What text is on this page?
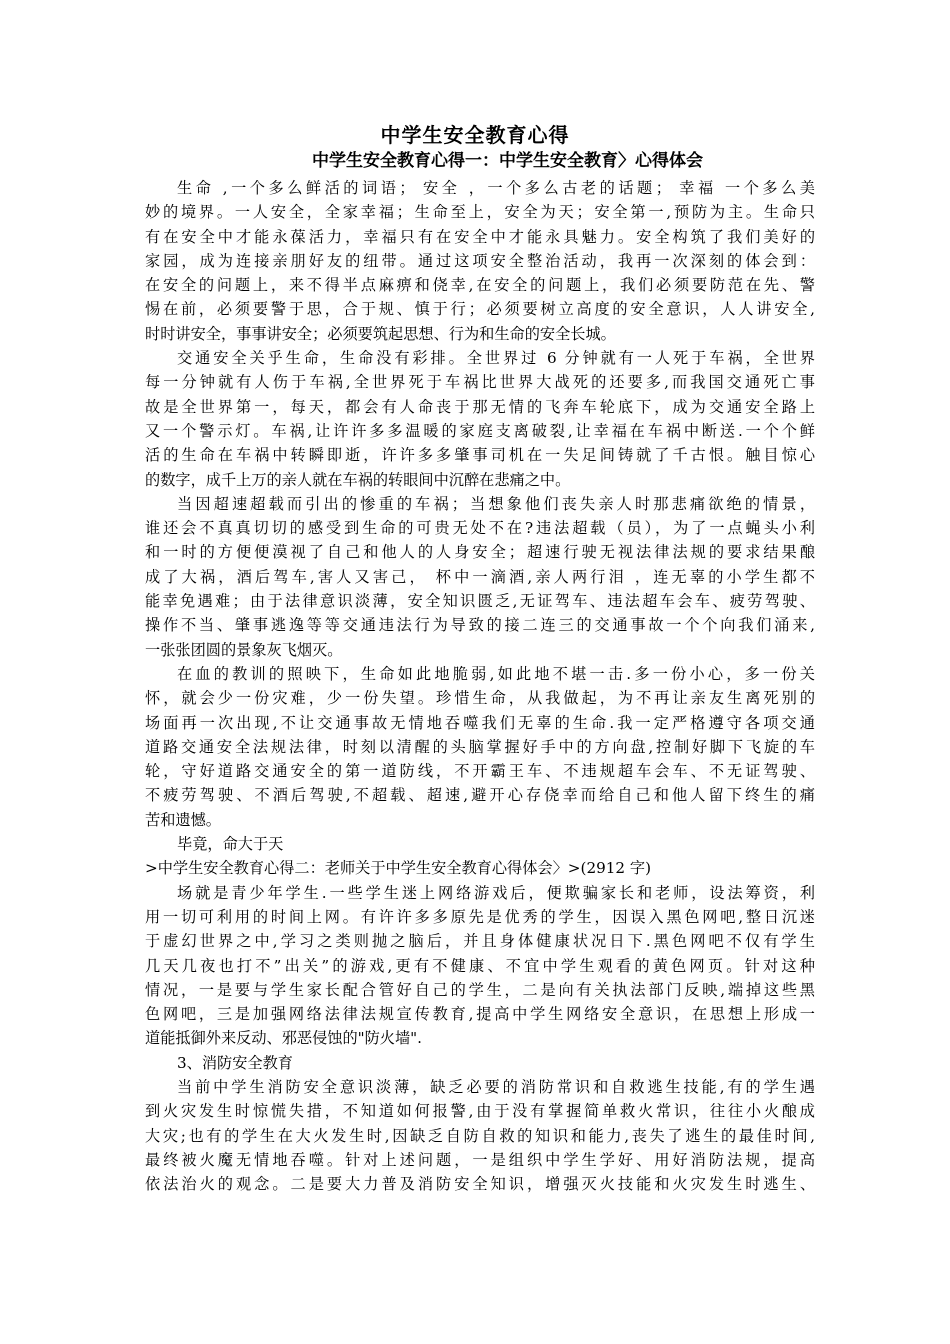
中学生安全教育心得
中学生安全教育心得一：中学生安全教育〉心得体会
生命 ,一个多么鲜活的词语； 安全 ，一个多么古老的话题； 幸福 一个多么美
妙的境界。一人安全，全家幸福；生命至上，安全为天；安全第一,预防为主。生命只
有在安全中才能永葆活力，幸福只有在安全中才能永具魅力。安全构筑了我们美好的
家园，成为连接亲朋好友的纽带。通过这项安全整治活动，我再一次深刻的体会到：
在安全的问题上，来不得半点麻痹和侥幸,在安全的问题上，我们必须要防范在先、警
惕在前，必须要警于思，合于规、慎于行；必须要树立高度的安全意识，人人讲安全,
时时讲安全，事事讲安全；必须要筑起思想、行为和生命的安全长城。
交通安全关乎生命，生命没有彩排。全世界过 6 分钟就有一人死于车祸，全世界
每一分钟就有人伤于车祸,全世界死于车祸比世界大战死的还要多,而我国交通死亡事
故是全世界第一，每天，都会有人命丧于那无情的飞奔车轮底下，成为交通安全路上
又一个警示灯。车祸,让许许多多温暖的家庭支离破裂,让幸福在车祸中断送.一个个鲜
活的生命在车祸中转瞬即逝，许许多多肇事司机在一失足间铸就了千古恨。触目惊心
的数字，成千上万的亲人就在车祸的转眼间中沉醉在悲痛之中。
当因超速超载而引出的惨重的车祸；当想象他们丧失亲人时那悲痛欲绝的情景，
谁还会不真真切切的感受到生命的可贵无处不在?违法超载（员），为了一点蝇头小利
和一时的方便便漠视了自己和他人的人身安全；超速行驶无视法律法规的要求结果酿
成了大祸，酒后驾车,害人又害己， 杯中一滴酒,亲人两行泪 ，连无辜的小学生都不
能幸免遇难；由于法律意识淡薄，安全知识匮乏,无证驾车、违法超车会车、疲劳驾驶、
操作不当、肇事逃逸等等交通违法行为导致的接二连三的交通事故一个个向我们涌来,
一张张团圆的景象灰飞烟灭。
在血的教训的照映下，生命如此地脆弱,如此地不堪一击.多一份小心，多一份关
怀，就会少一份灾难，少一份失望。珍惜生命，从我做起，为不再让亲友生离死别的
场面再一次出现,不让交通事故无情地吞噬我们无辜的生命.我一定严格遵守各项交通
道路交通安全法规法律，时刻以清醒的头脑掌握好手中的方向盘,控制好脚下飞旋的车
轮，守好道路交通安全的第一道防线，不开霸王车、不违规超车会车、不无证驾驶、
不疲劳驾驶、不酒后驾驶,不超载、超速,避开心存侥幸而给自己和他人留下终生的痛
苦和遗憾。
毕竟，命大于天
>中学生安全教育心得二：老师关于中学生安全教育心得体会〉>(2912 字)
场就是青少年学生.一些学生迷上网络游戏后，便欺骗家长和老师，设法筹资，利
用一切可利用的时间上网。有许许多多原先是优秀的学生，因误入黑色网吧,整日沉迷
于虚幻世界之中,学习之类则抛之脑后，并且身体健康状况日下.黑色网吧不仅有学生
几天几夜也打不”出关”的游戏,更有不健康、不宜中学生观看的黄色网页。针对这种
情况，一是要与学生家长配合管好自己的学生，二是向有关执法部门反映,端掉这些黑
色网吧，三是加强网络法律法规宣传教育,提高中学生网络安全意识，在思想上形成一
道能抵御外来反动、邪恶侵蚀的"防火墙".
3、消防安全教育
当前中学生消防安全意识淡薄，缺乏必要的消防常识和自救逃生技能,有的学生遇
到火灾发生时惊慌失措，不知道如何报警,由于没有掌握简单救火常识，往往小火酿成
大灾;也有的学生在大火发生时,因缺乏自防自救的知识和能力,丧失了逃生的最佳时间,
最终被火魔无情地吞噬。针对上述问题，一是组织中学生学好、用好消防法规，提高
依法治火的观念。二是要大力普及消防安全知识，增强灭火技能和火灾发生时逃生、
